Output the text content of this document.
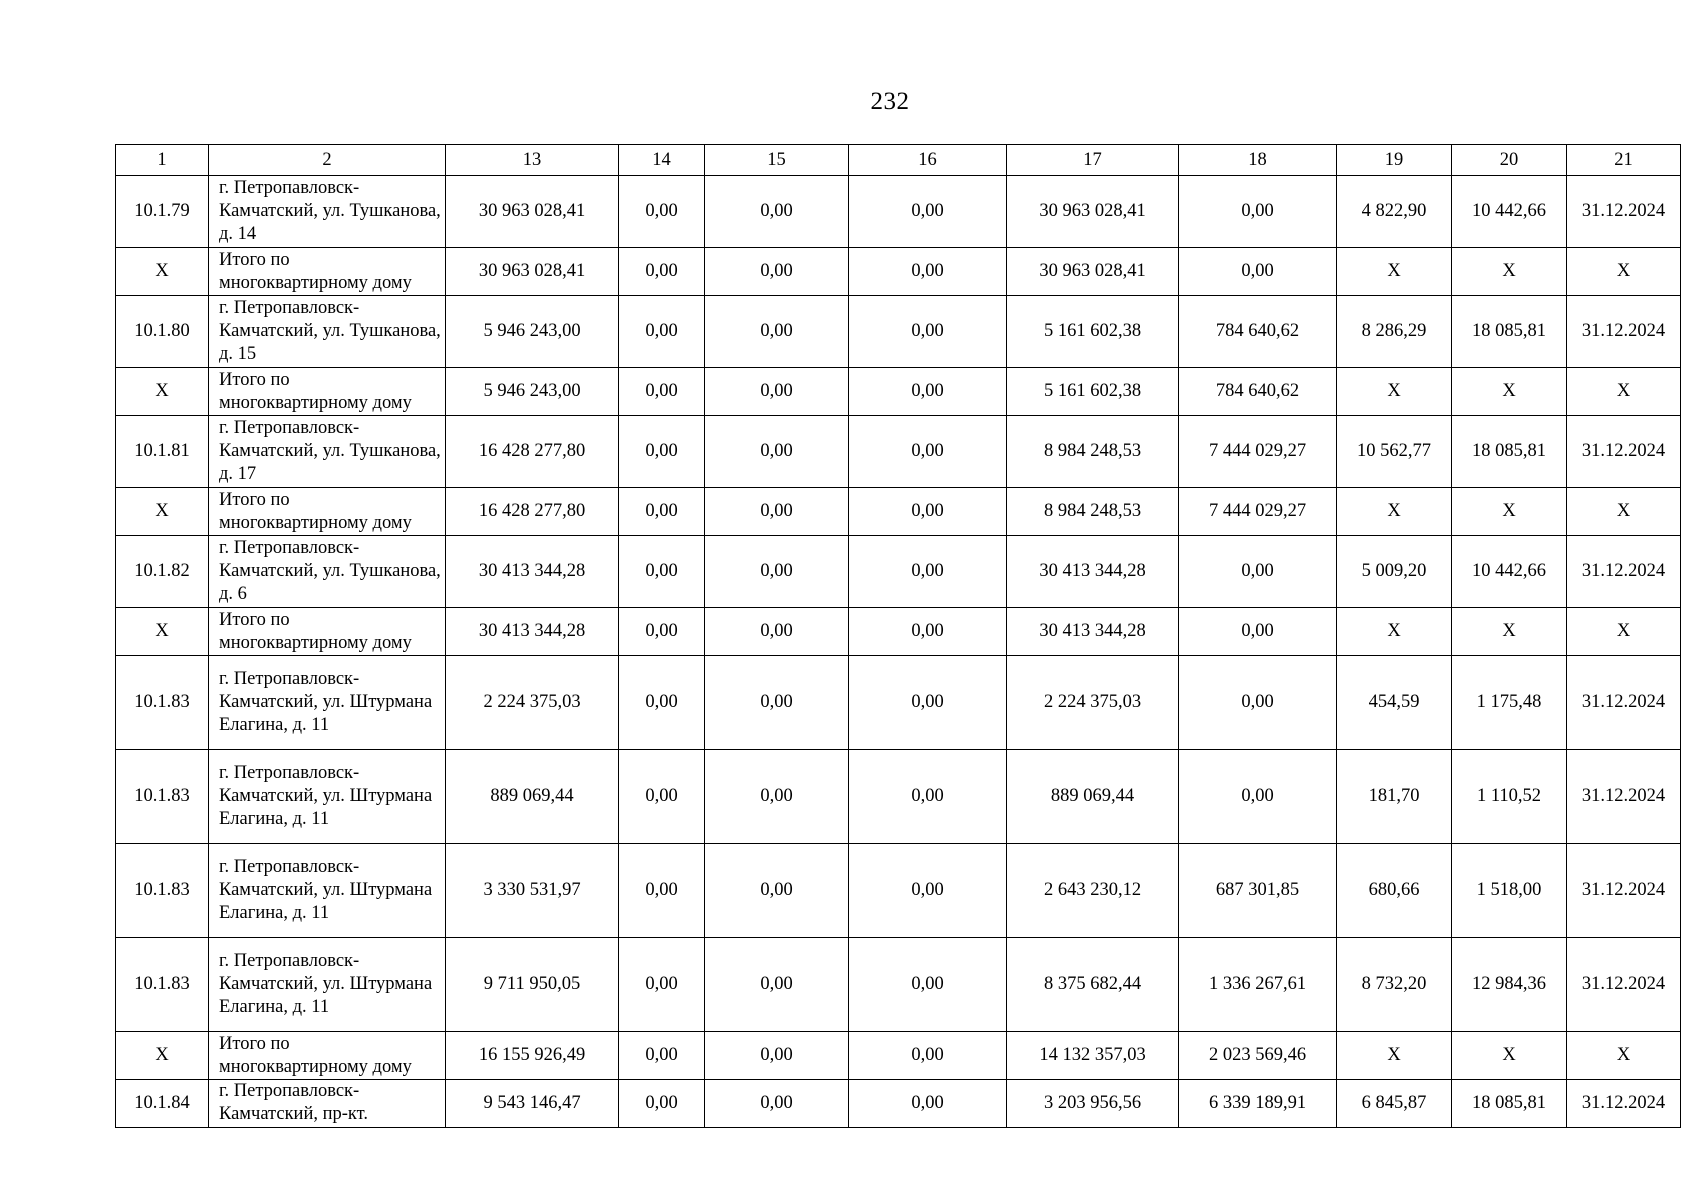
232
1	2	13	14	15	16	17	18	19	20	21
10.1.79	г. Петропавловск-Камчатский, ул. Тушканова, д. 14	30 963 028,41	0,00	0,00	0,00	30 963 028,41	0,00	4 822,90	10 442,66	31.12.2024
X	Итого по многоквартирному дому	30 963 028,41	0,00	0,00	0,00	30 963 028,41	0,00	X	X	X
10.1.80	г. Петропавловск-Камчатский, ул. Тушканова, д. 15	5 946 243,00	0,00	0,00	0,00	5 161 602,38	784 640,62	8 286,29	18 085,81	31.12.2024
X	Итого по многоквартирному дому	5 946 243,00	0,00	0,00	0,00	5 161 602,38	784 640,62	X	X	X
10.1.81	г. Петропавловск-Камчатский, ул. Тушканова, д. 17	16 428 277,80	0,00	0,00	0,00	8 984 248,53	7 444 029,27	10 562,77	18 085,81	31.12.2024
X	Итого по многоквартирному дому	16 428 277,80	0,00	0,00	0,00	8 984 248,53	7 444 029,27	X	X	X
10.1.82	г. Петропавловск-Камчатский, ул. Тушканова, д. 6	30 413 344,28	0,00	0,00	0,00	30 413 344,28	0,00	5 009,20	10 442,66	31.12.2024
X	Итого по многоквартирному дому	30 413 344,28	0,00	0,00	0,00	30 413 344,28	0,00	X	X	X
10.1.83	г. Петропавловск-Камчатский, ул. Штурмана Елагина, д. 11	2 224 375,03	0,00	0,00	0,00	2 224 375,03	0,00	454,59	1 175,48	31.12.2024
10.1.83	г. Петропавловск-Камчатский, ул. Штурмана Елагина, д. 11	889 069,44	0,00	0,00	0,00	889 069,44	0,00	181,70	1 110,52	31.12.2024
10.1.83	г. Петропавловск-Камчатский, ул. Штурмана Елагина, д. 11	3 330 531,97	0,00	0,00	0,00	2 643 230,12	687 301,85	680,66	1 518,00	31.12.2024
10.1.83	г. Петропавловск-Камчатский, ул. Штурмана Елагина, д. 11	9 711 950,05	0,00	0,00	0,00	8 375 682,44	1 336 267,61	8 732,20	12 984,36	31.12.2024
X	Итого по многоквартирному дому	16 155 926,49	0,00	0,00	0,00	14 132 357,03	2 023 569,46	X	X	X
10.1.84	г. Петропавловск-Камчатский, пр-кт.	9 543 146,47	0,00	0,00	0,00	3 203 956,56	6 339 189,91	6 845,87	18 085,81	31.12.2024
